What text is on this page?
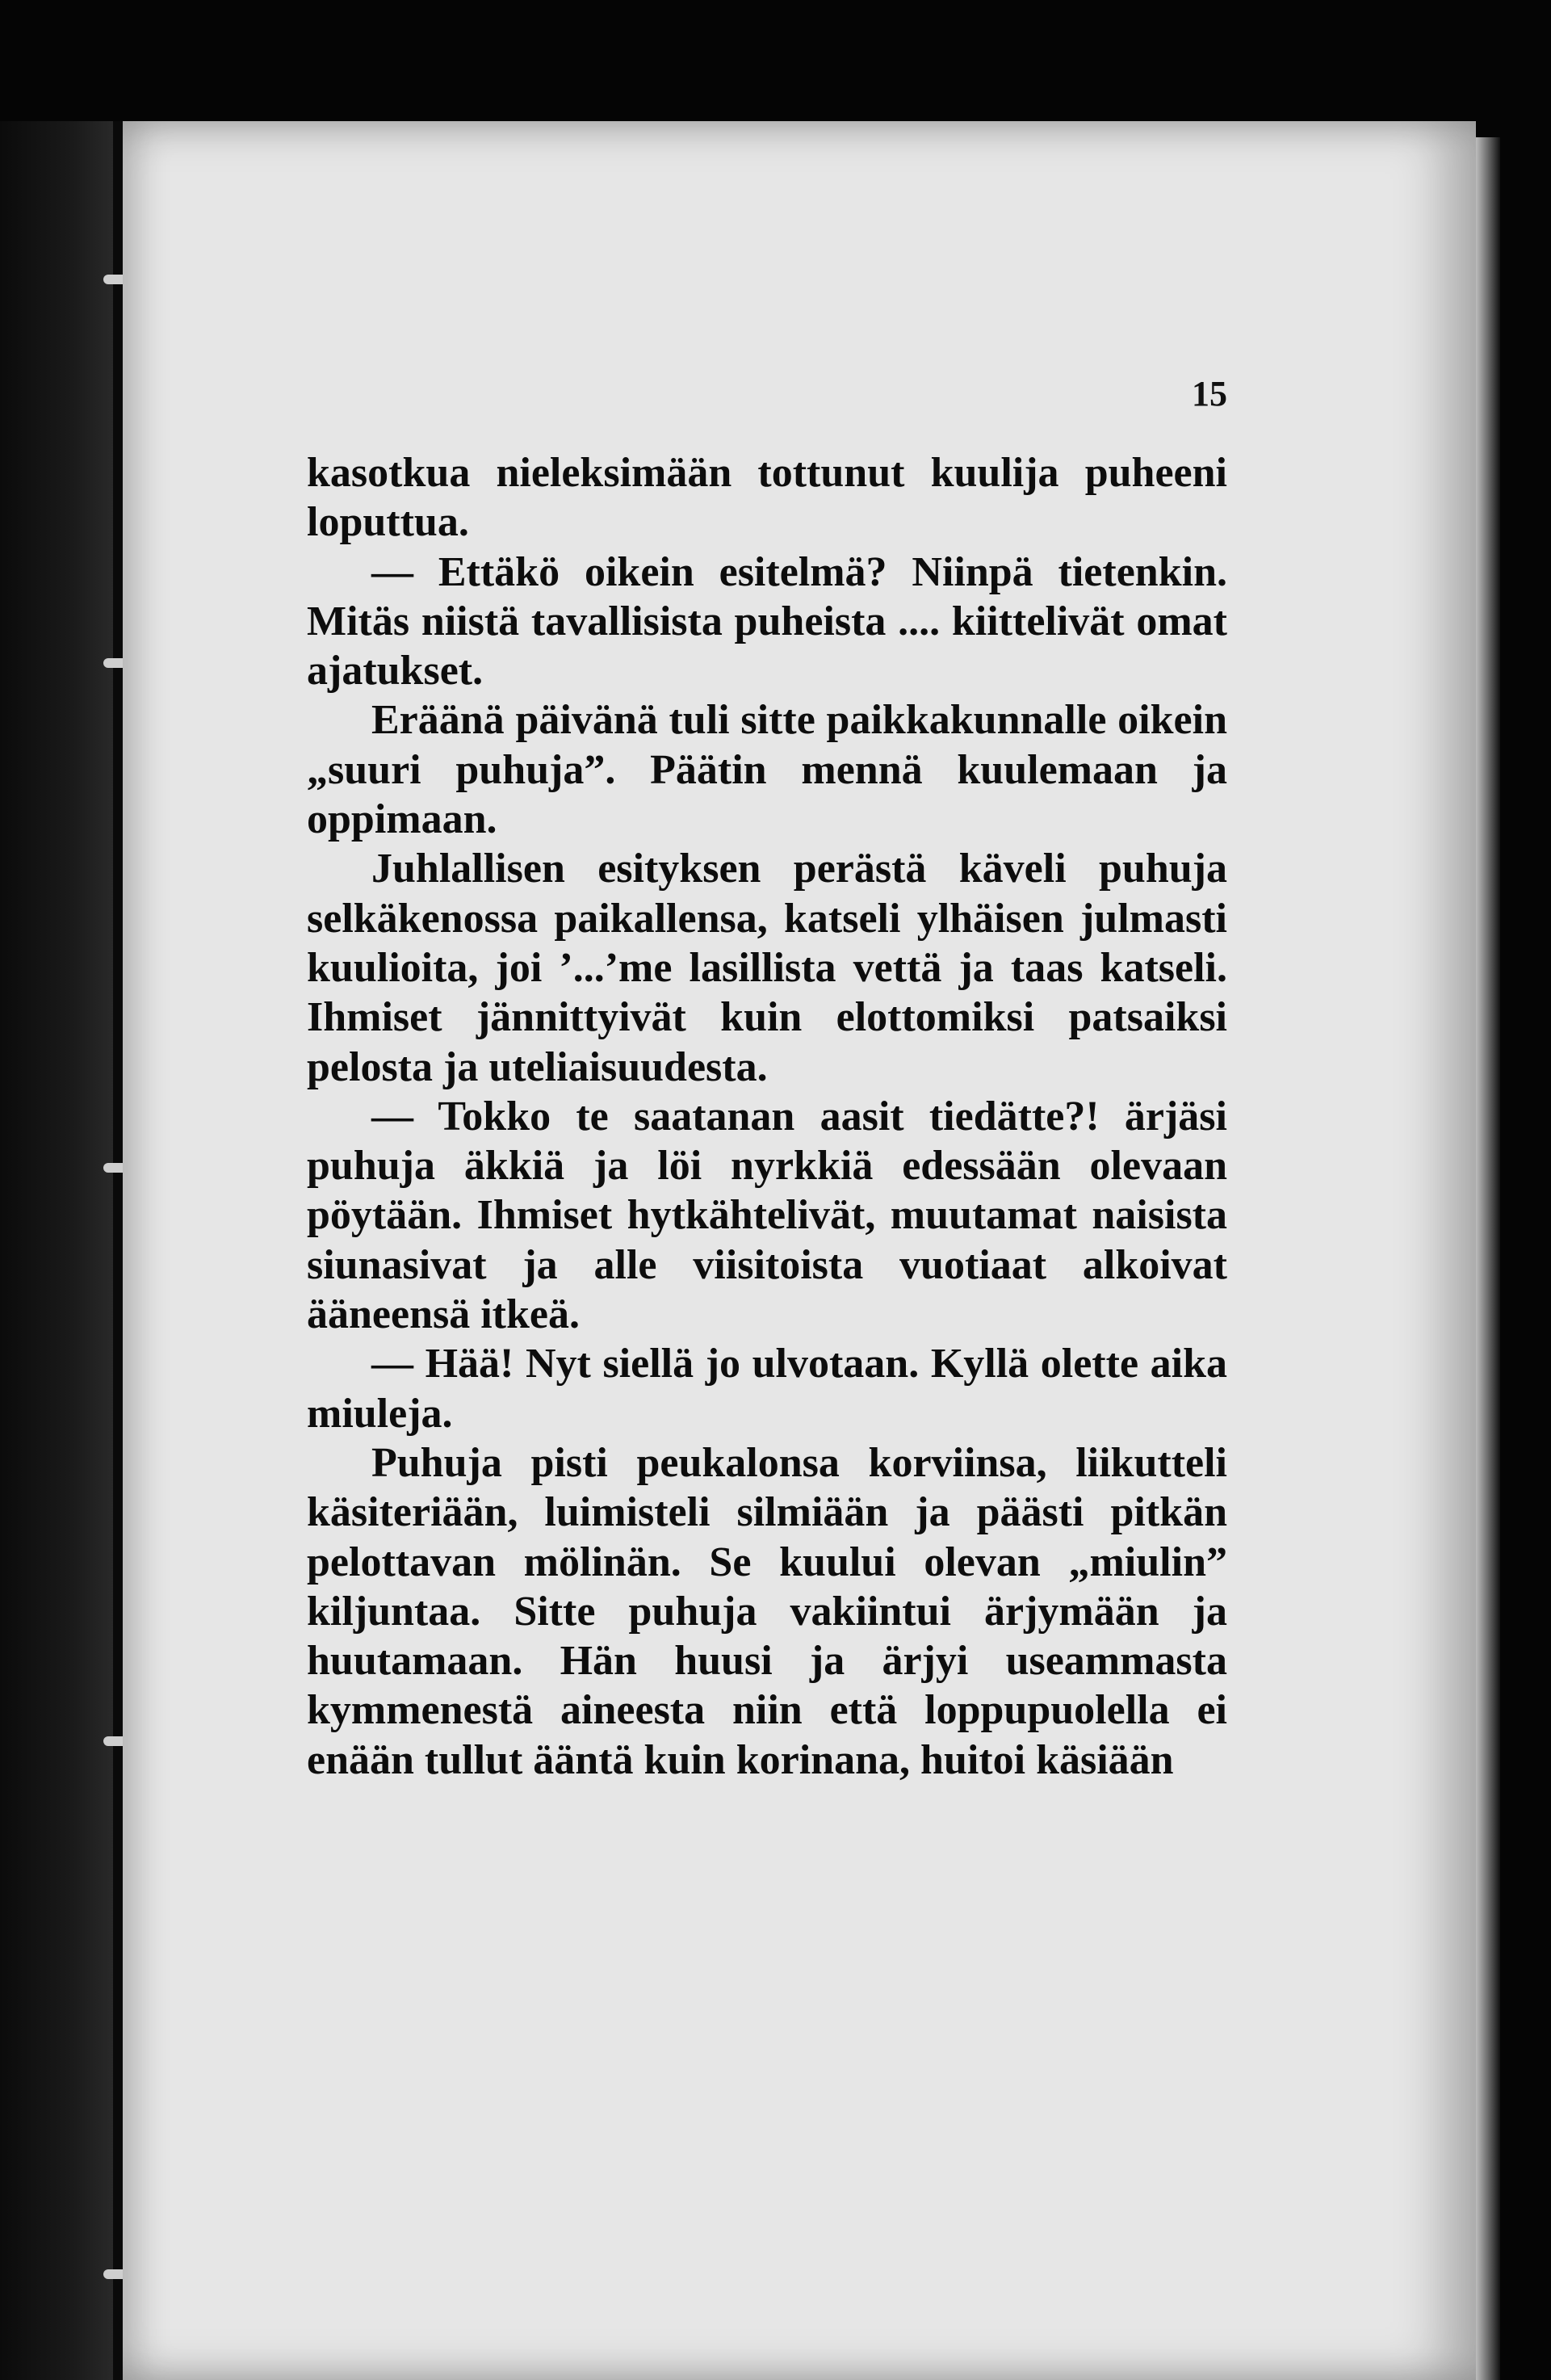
15

kasotkua nieleksimään tottunut kuulija puheeni loputtua.

— Ettäkö oikein esitelmä? Niinpä tietenkin. Mitäs niistä tavallisista puheista .... kiittelivät omat ajatukset.

Eräänä päivänä tuli sitte paikkakunnalle oikein „suuri puhuja”. Päätin mennä kuulemaan ja oppimaan.

Juhlallisen esityksen perästä käveli puhuja selkäkenossa paikallensa, katseli ylhäisen julmasti kuulioita, joi ’...’me lasillista vettä ja taas katseli. Ihmiset jännittyivät kuin elottomiksi patsaiksi pelosta ja uteliaisuudesta.

— Tokko te saatanan aasit tiedätte?! ärjäsi puhuja äkkiä ja löi nyrkkiä edessään olevaan pöytään. Ihmiset hytkähtelivät, muutamat naisista siunasivat ja alle viisitoista vuotiaat alkoivat ääneensä itkeä.

— Hää! Nyt siellä jo ulvotaan. Kyllä olette aika miuleja.

Puhuja pisti peukalonsa korviinsa, liikutteli käsiteriään, luimisteli silmiään ja päästi pitkän pelottavan mölinän. Se kuului olevan „miulin” kiljuntaa. Sitte puhuja vakiintui ärjymään ja huutamaan. Hän huusi ja ärjyi useammasta kymmenestä aineesta niin että loppupuolella ei enään tullut ääntä kuin korinana, huitoi käsiään
